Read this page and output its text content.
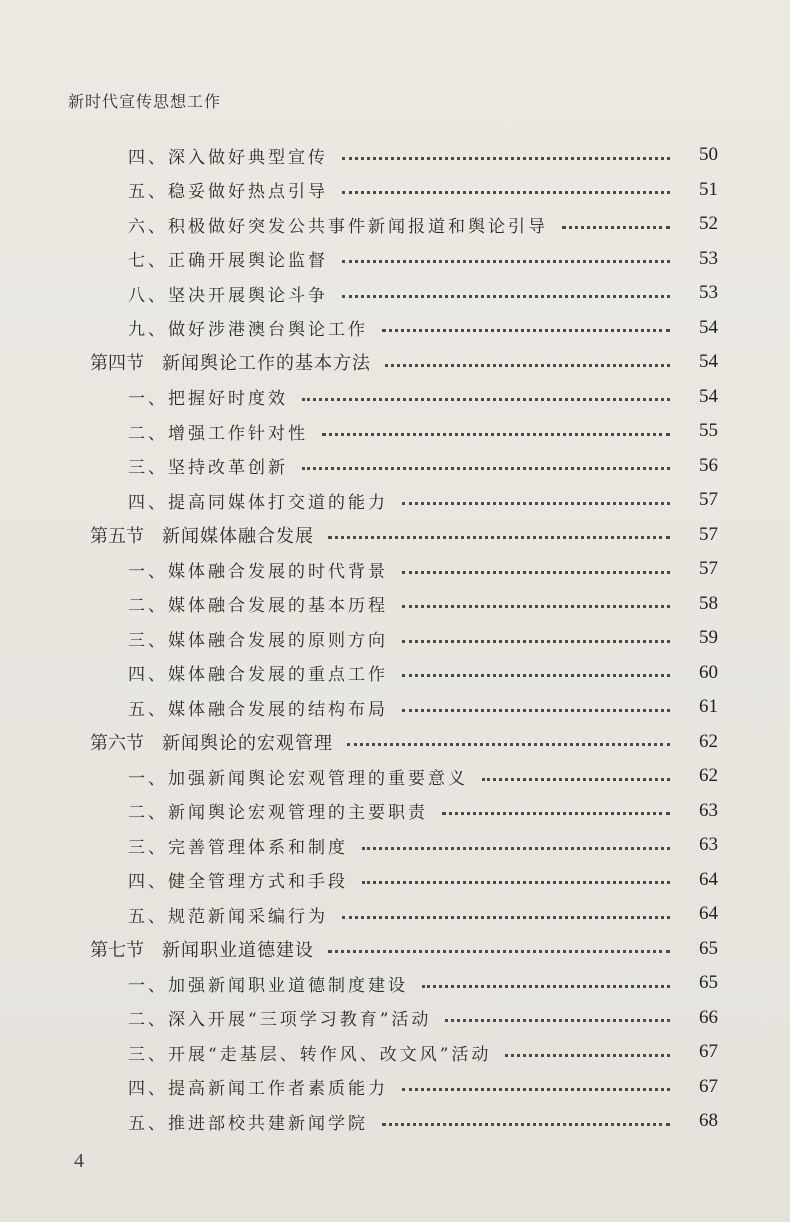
新时代宣传思想工作
四、深入做好典型宣传	50
五、稳妥做好热点引导	51
六、积极做好突发公共事件新闻报道和舆论引导	52
七、正确开展舆论监督	53
八、坚决开展舆论斗争	53
九、做好涉港澳台舆论工作	54
第四节 新闻舆论工作的基本方法	54
一、把握好时度效	54
二、增强工作针对性	55
三、坚持改革创新	56
四、提高同媒体打交道的能力	57
第五节 新闻媒体融合发展	57
一、媒体融合发展的时代背景	57
二、媒体融合发展的基本历程	58
三、媒体融合发展的原则方向	59
四、媒体融合发展的重点工作	60
五、媒体融合发展的结构布局	61
第六节 新闻舆论的宏观管理	62
一、加强新闻舆论宏观管理的重要意义	62
二、新闻舆论宏观管理的主要职责	63
三、完善管理体系和制度	63
四、健全管理方式和手段	64
五、规范新闻采编行为	64
第七节 新闻职业道德建设	65
一、加强新闻职业道德制度建设	65
二、深入开展“三项学习教育”活动	66
三、开展“走基层、转作风、改文风”活动	67
四、提高新闻工作者素质能力	67
五、推进部校共建新闻学院	68
4
